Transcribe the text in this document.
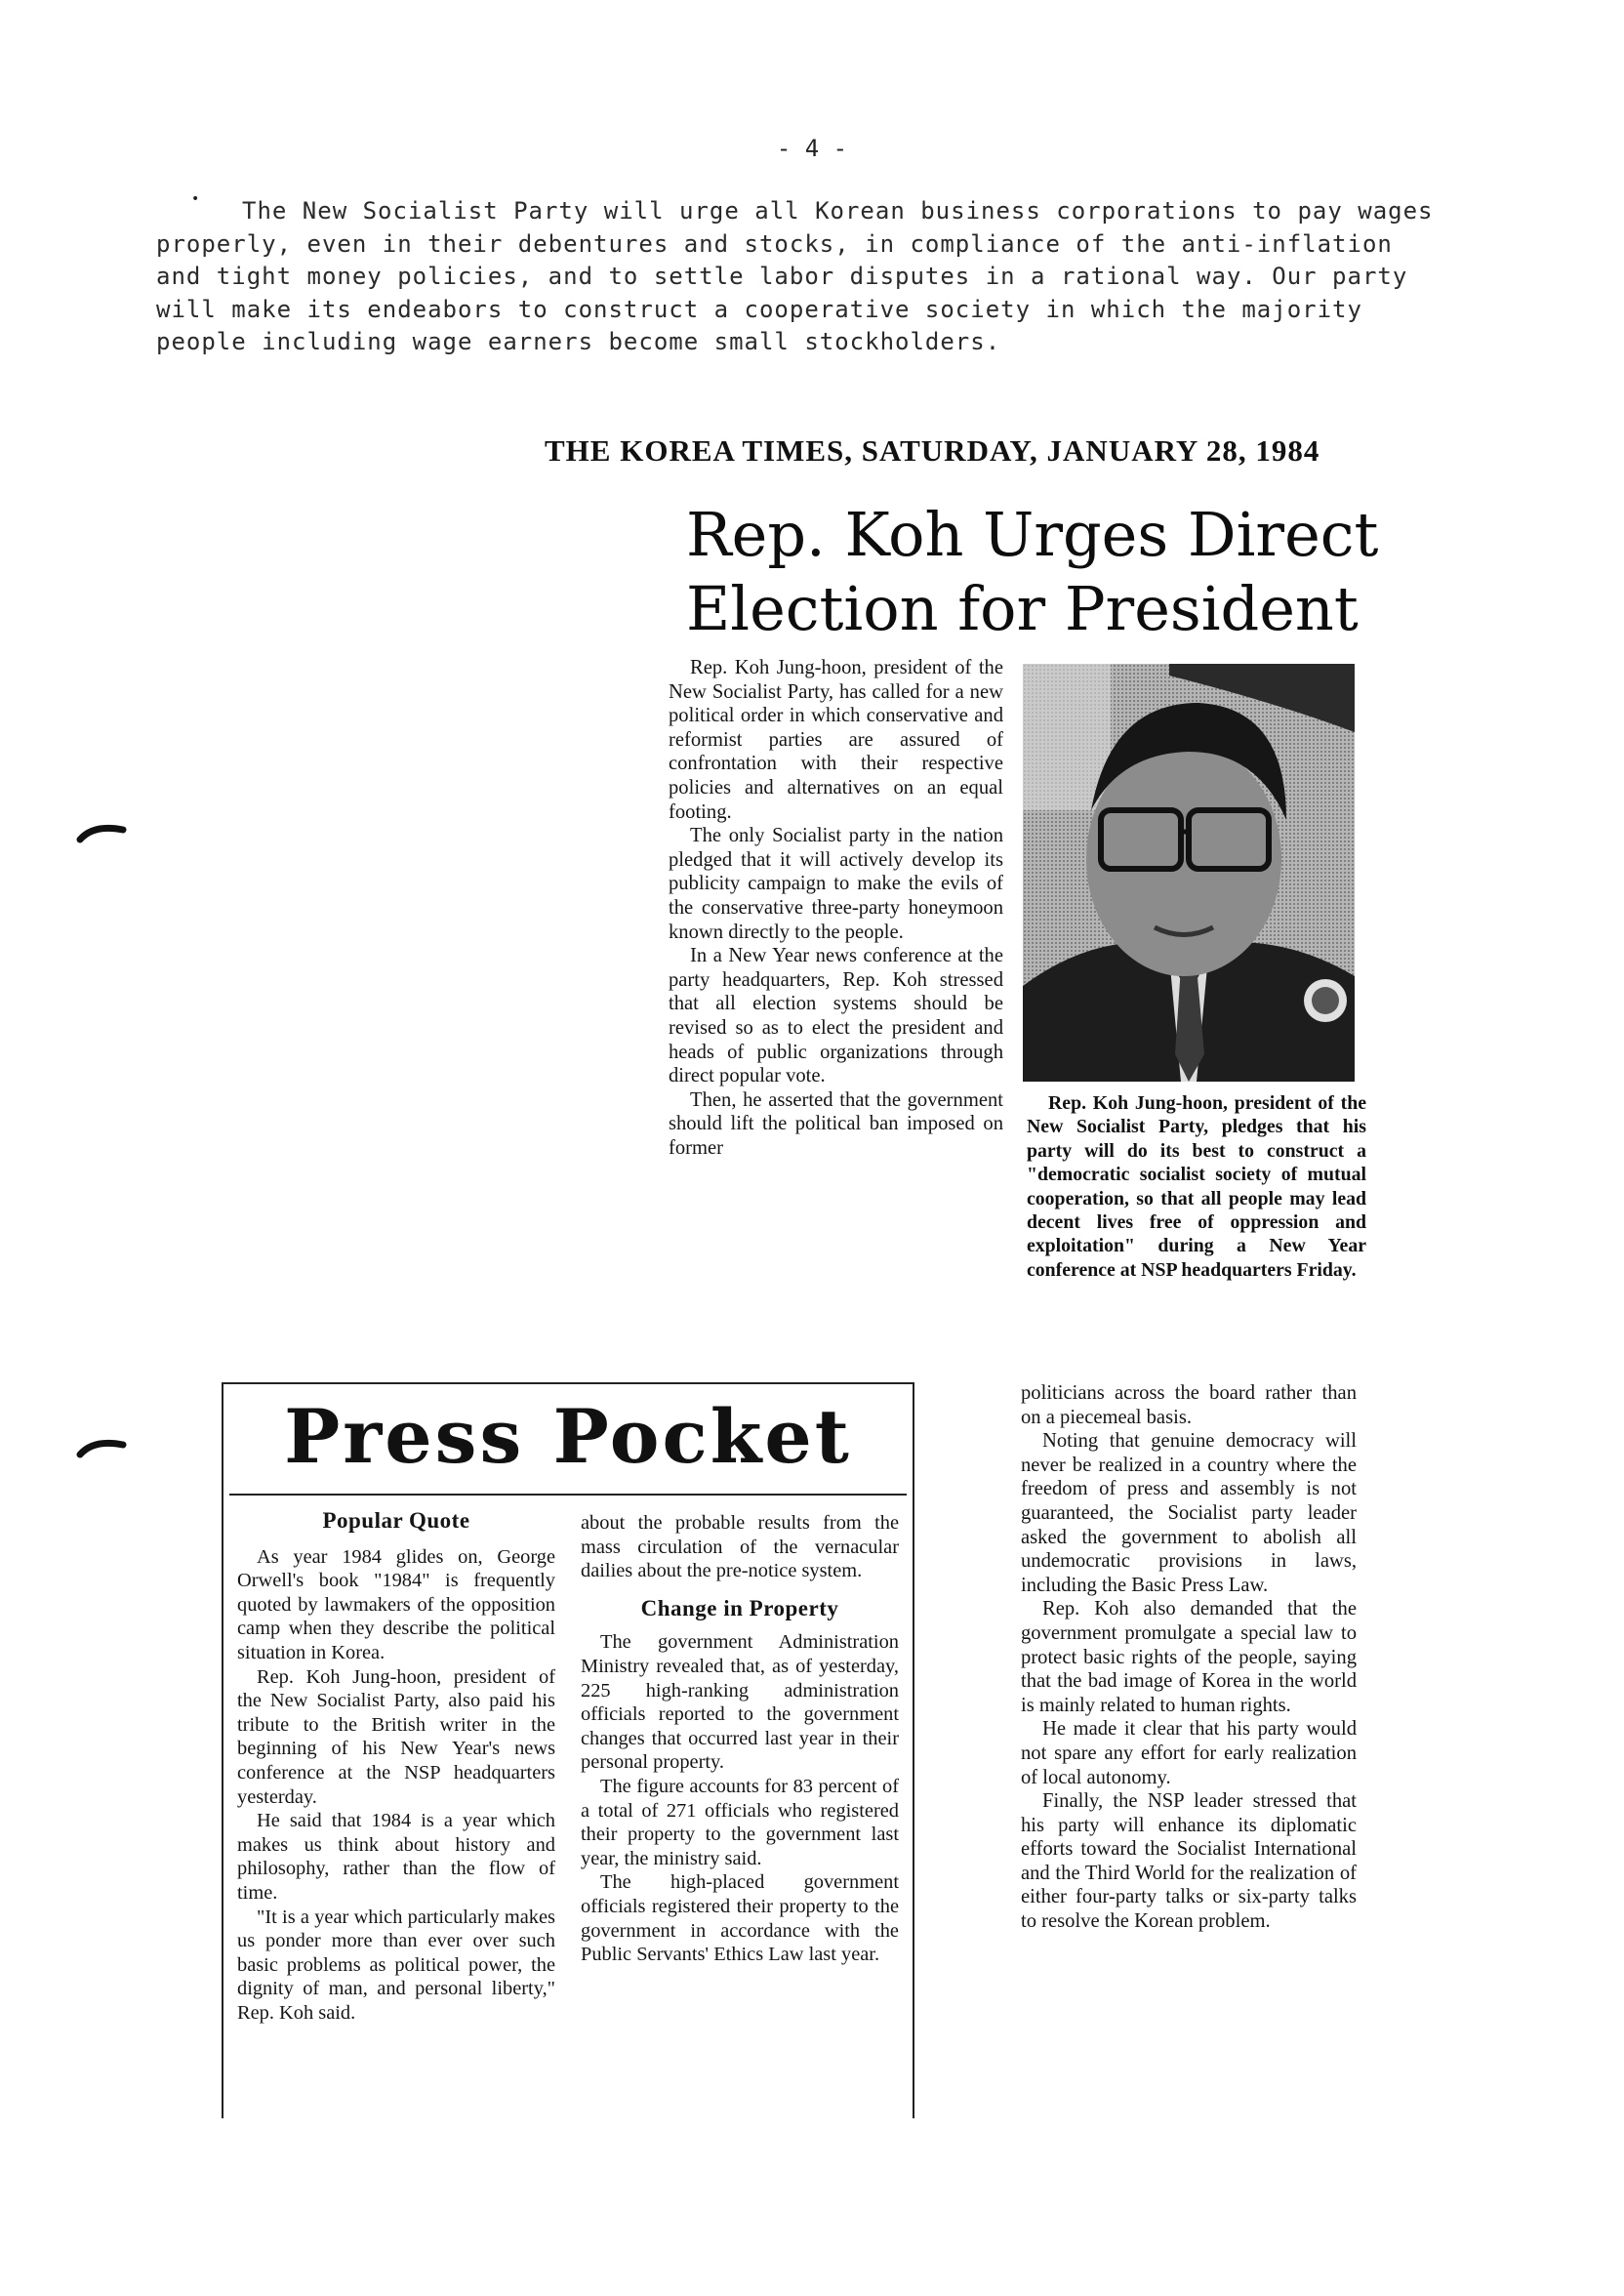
- 4 -
The New Socialist Party will urge all Korean business corporations to pay wages
properly, even in their debentures and stocks, in compliance of the anti-inflation
and tight money policies, and to settle labor disputes in a rational way. Our party
will make its endeabors to construct a cooperative society in which the majority
people including wage earners become small stockholders.
•
THE KOREA TIMES, SATURDAY, JANUARY 28, 1984
Rep. Koh Urges Direct
Election for President

Rep. Koh Jung-hoon, president of the New Socialist Party, has called for a new political order in which conservative and reformist parties are assured of confrontation with their respective policies and alternatives on an equal footing.

The only Socialist party in the nation pledged that it will actively develop its publicity campaign to make the evils of the conservative three-party honeymoon known directly to the people.

In a New Year news conference at the party headquarters, Rep. Koh stressed that all election systems should be revised so as to elect the president and heads of public organizations through direct popular vote.

Then, he asserted that the government should lift the political ban imposed on former

Rep. Koh Jung-hoon, president of the New Socialist Party, pledges that his party will do its best to construct a "democratic socialist society of mutual cooperation, so that all people may lead decent lives free of oppression and exploitation" during a New Year conference at NSP headquarters Friday.

politicians across the board rather than on a piecemeal basis.

Noting that genuine democracy will never be realized in a country where the freedom of press and assembly is not guaranteed, the Socialist party leader asked the government to abolish all undemocratic provisions in laws, including the Basic Press Law.

Rep. Koh also demanded that the government promulgate a special law to protect basic rights of the people, saying that the bad image of Korea in the world is mainly related to human rights.

He made it clear that his party would not spare any effort for early realization of local autonomy.

Finally, the NSP leader stressed that his party will enhance its diplomatic efforts toward the Socialist International and the Third World for the realization of either four-party talks or six-party talks to resolve the Korean problem.

Press Pocket

Popular Quote

As year 1984 glides on, George Orwell's book "1984" is frequently quoted by lawmakers of the opposition camp when they describe the political situation in Korea.

Rep. Koh Jung-hoon, president of the New Socialist Party, also paid his tribute to the British writer in the beginning of his New Year's news conference at the NSP headquarters yesterday.

He said that 1984 is a year which makes us think about history and philosophy, rather than the flow of time.

"It is a year which particularly makes us ponder more than ever over such basic problems as political power, the dignity of man, and personal liberty," Rep. Koh said.

about the probable results from the mass circulation of the vernacular dailies about the pre-notice system.

Change in Property

The government Administration Ministry revealed that, as of yesterday, 225 high-ranking administration officials reported to the government changes that occurred last year in their personal property.

The figure accounts for 83 percent of a total of 271 officials who registered their property to the government last year, the ministry said.

The high-placed government officials registered their property to the government in accordance with the Public Servants' Ethics Law last year.
